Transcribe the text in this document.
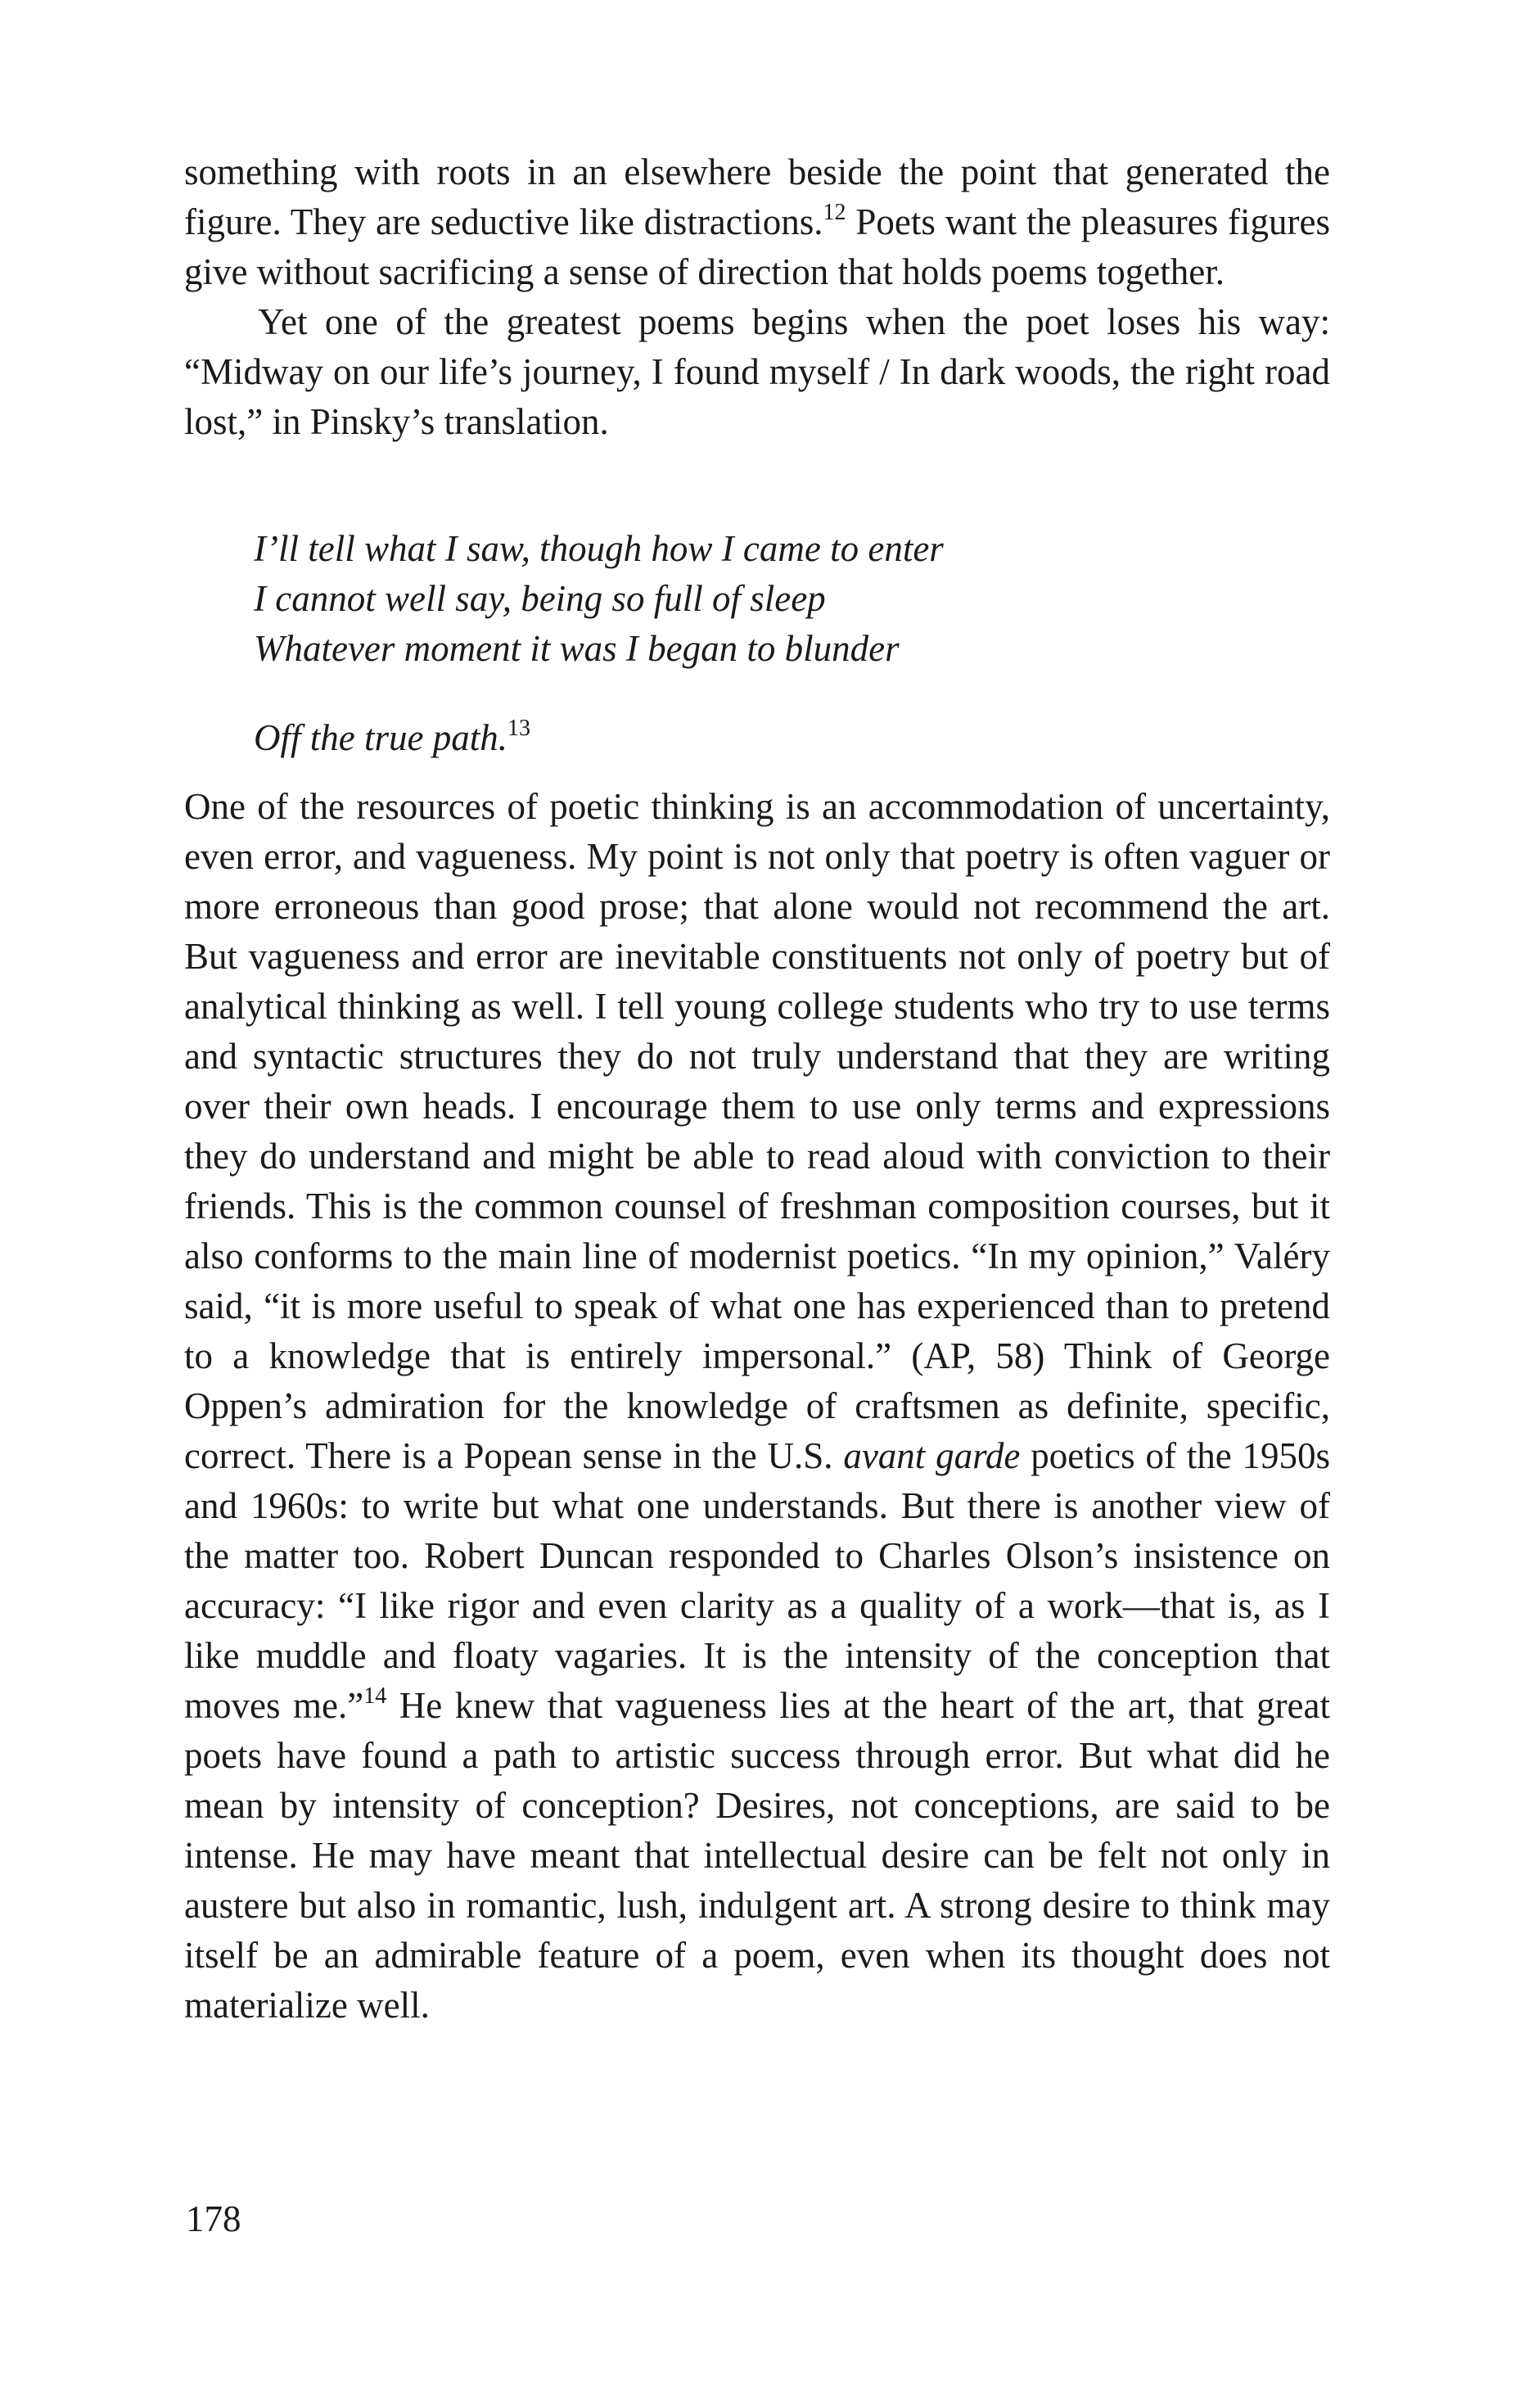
something with roots in an elsewhere beside the point that generated the figure. They are seductive like distractions.$^{12}$ Poets want the pleasures figures give without sacrificing a sense of direction that holds poems together.

Yet one of the greatest poems begins when the poet loses his way: “Midway on our life’s journey, I found myself / In dark woods, the right road lost,” in Pinsky’s translation.

I’ll tell what I saw, though how I came to enter
I cannot well say, being so full of sleep
Whatever moment it was I began to blunder
Off the true path.$^{13}$

One of the resources of poetic thinking is an accommodation of uncertainty, even error, and vagueness. My point is not only that poetry is often vaguer or more erroneous than good prose; that alone would not recommend the art. But vagueness and error are inevitable constituents not only of poetry but of analytical thinking as well. I tell young college students who try to use terms and syntactic structures they do not truly understand that they are writing over their own heads. I encourage them to use only terms and expressions they do understand and might be able to read aloud with conviction to their friends. This is the common counsel of freshman composition courses, but it also conforms to the main line of modernist poetics. “In my opinion,” Valéry said, “it is more useful to speak of what one has experienced than to pretend to a knowledge that is entirely impersonal.” (AP, 58) Think of George Oppen’s admiration for the knowledge of craftsmen as definite, specific, correct. There is a Popean sense in the U.S. avant garde poetics of the 1950s and 1960s: to write but what one understands. But there is another view of the matter too. Robert Duncan responded to Charles Olson’s insistence on accuracy: “I like rigor and even clarity as a quality of a work—that is, as I like muddle and floaty vagaries. It is the intensity of the conception that moves me.”$^{14}$ He knew that vagueness lies at the heart of the art, that great poets have found a path to artistic success through error. But what did he mean by intensity of conception? Desires, not conceptions, are said to be intense. He may have meant that intellectual desire can be felt not only in austere but also in romantic, lush, indulgent art. A strong desire to think may itself be an admirable feature of a poem, even when its thought does not materialize well.

178
